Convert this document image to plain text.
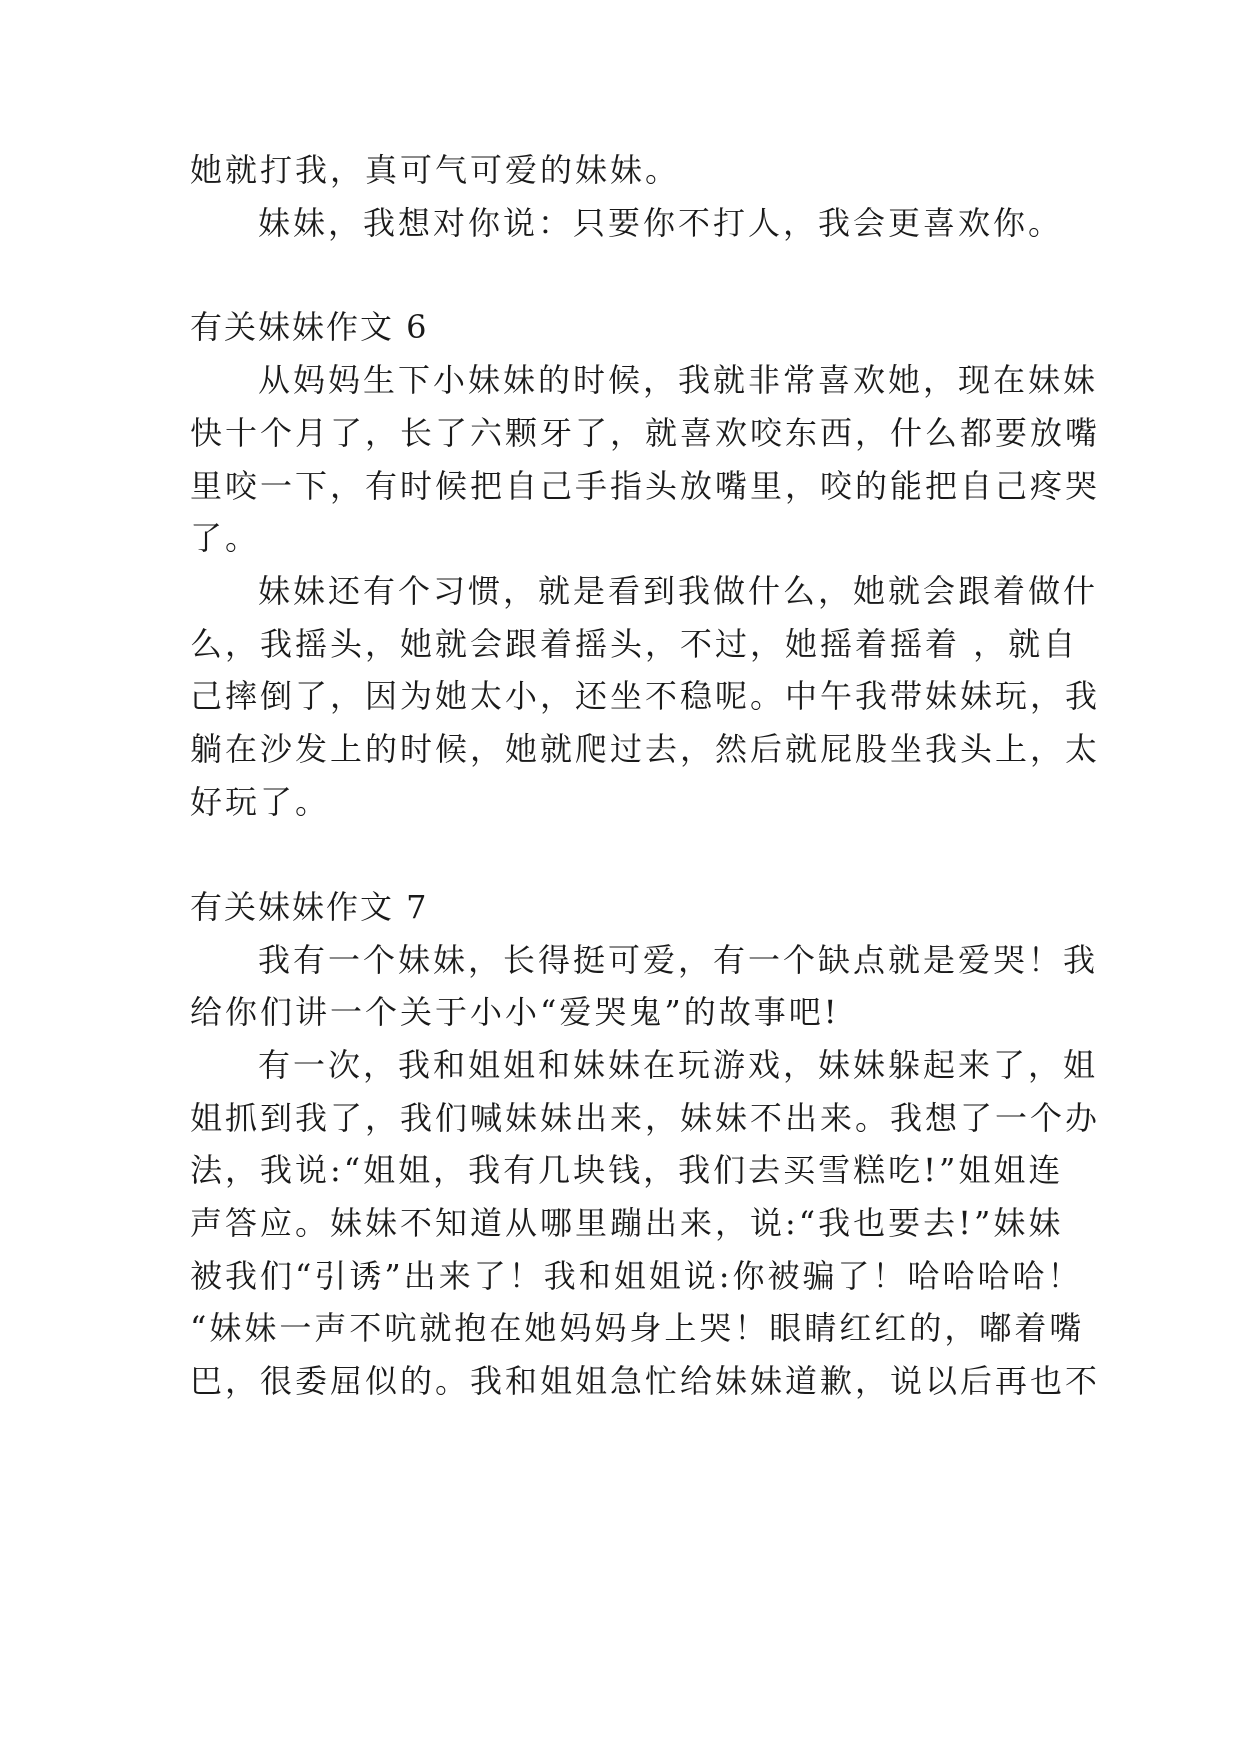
她就打我，真可气可爱的妹妹。

妹妹，我想对你说：只要你不打人，我会更喜欢你。

有关妹妹作文 6

从妈妈生下小妹妹的时候，我就非常喜欢她，现在妹妹

快十个月了，长了六颗牙了，就喜欢咬东西，什么都要放嘴

里咬一下，有时候把自己手指头放嘴里，咬的能把自己疼哭

了。

妹妹还有个习惯，就是看到我做什么，她就会跟着做什

么，我摇头，她就会跟着摇头，不过，她摇着摇着 ，就自

己摔倒了，因为她太小，还坐不稳呢。中午我带妹妹玩，我

躺在沙发上的时候，她就爬过去，然后就屁股坐我头上，太

好玩了。

有关妹妹作文 7

我有一个妹妹，长得挺可爱，有一个缺点就是爱哭！我

给你们讲一个关于小小“爱哭鬼”的故事吧!

有一次，我和姐姐和妹妹在玩游戏，妹妹躲起来了，姐

姐抓到我了，我们喊妹妹出来，妹妹不出来。我想了一个办

法，我说:“姐姐，我有几块钱，我们去买雪糕吃!”姐姐连

声答应。妹妹不知道从哪里蹦出来，说:“我也要去!”妹妹

被我们“引诱”出来了！我和姐姐说:你被骗了！哈哈哈哈！

“妹妹一声不吭就抱在她妈妈身上哭！眼睛红红的，嘟着嘴

巴，很委屈似的。我和姐姐急忙给妹妹道歉，说以后再也不
